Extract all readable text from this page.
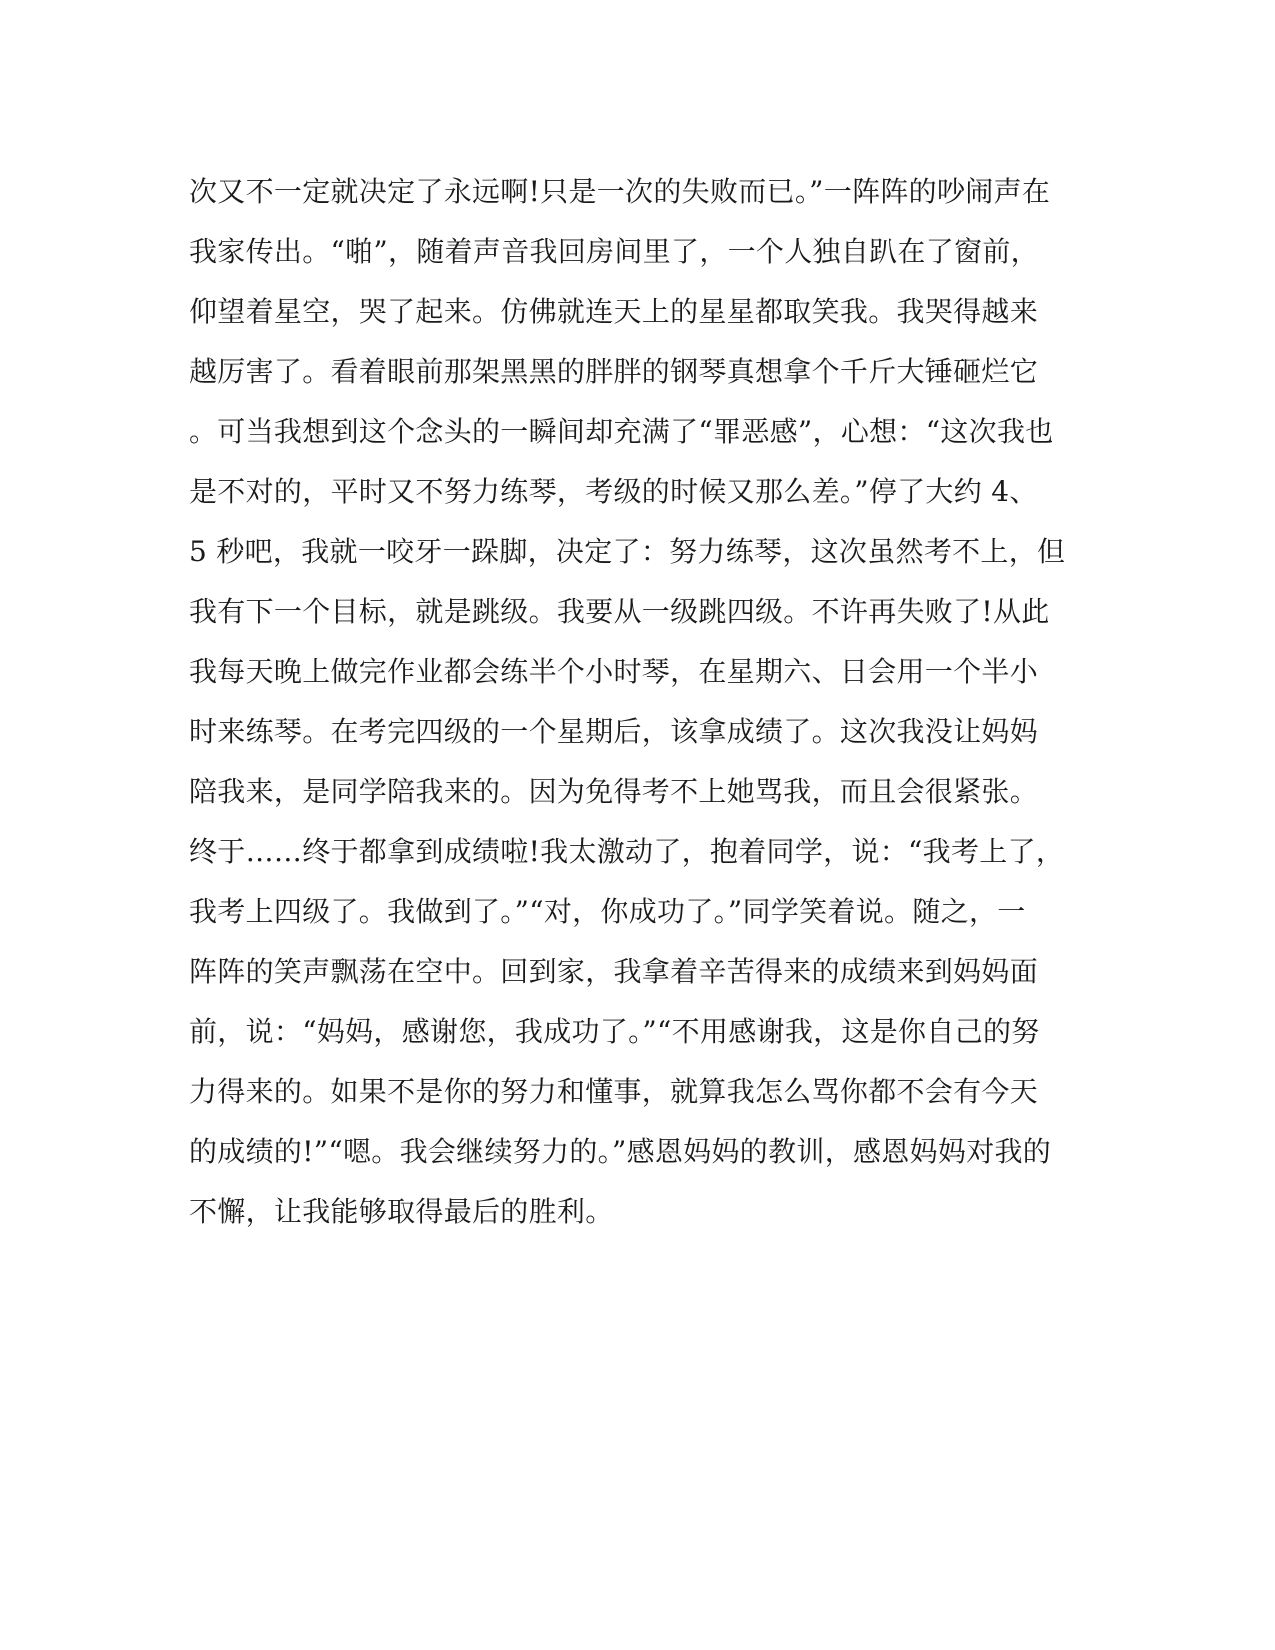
次又不一定就决定了永远啊!只是一次的失败而已。”一阵阵的吵闹声在
我家传出。“啪”，随着声音我回房间里了，一个人独自趴在了窗前，
仰望着星空，哭了起来。仿佛就连天上的星星都取笑我。我哭得越来
越厉害了。看着眼前那架黑黑的胖胖的钢琴真想拿个千斤大锤砸烂它
。可当我想到这个念头的一瞬间却充满了“罪恶感”，心想：“这次我也
是不对的，平时又不努力练琴，考级的时候又那么差。”停了大约 4、
5 秒吧，我就一咬牙一跺脚，决定了：努力练琴，这次虽然考不上，但
我有下一个目标，就是跳级。我要从一级跳四级。不许再失败了!从此
我每天晚上做完作业都会练半个小时琴，在星期六、日会用一个半小
时来练琴。在考完四级的一个星期后，该拿成绩了。这次我没让妈妈
陪我来，是同学陪我来的。因为免得考不上她骂我，而且会很紧张。
终于……终于都拿到成绩啦!我太激动了，抱着同学，说：“我考上了，
我考上四级了。我做到了。”“对，你成功了。”同学笑着说。随之，一
阵阵的笑声飘荡在空中。回到家，我拿着辛苦得来的成绩来到妈妈面
前，说：“妈妈，感谢您，我成功了。”“不用感谢我，这是你自己的努
力得来的。如果不是你的努力和懂事，就算我怎么骂你都不会有今天
的成绩的!”“嗯。我会继续努力的。”感恩妈妈的教训，感恩妈妈对我的
不懈，让我能够取得最后的胜利。
